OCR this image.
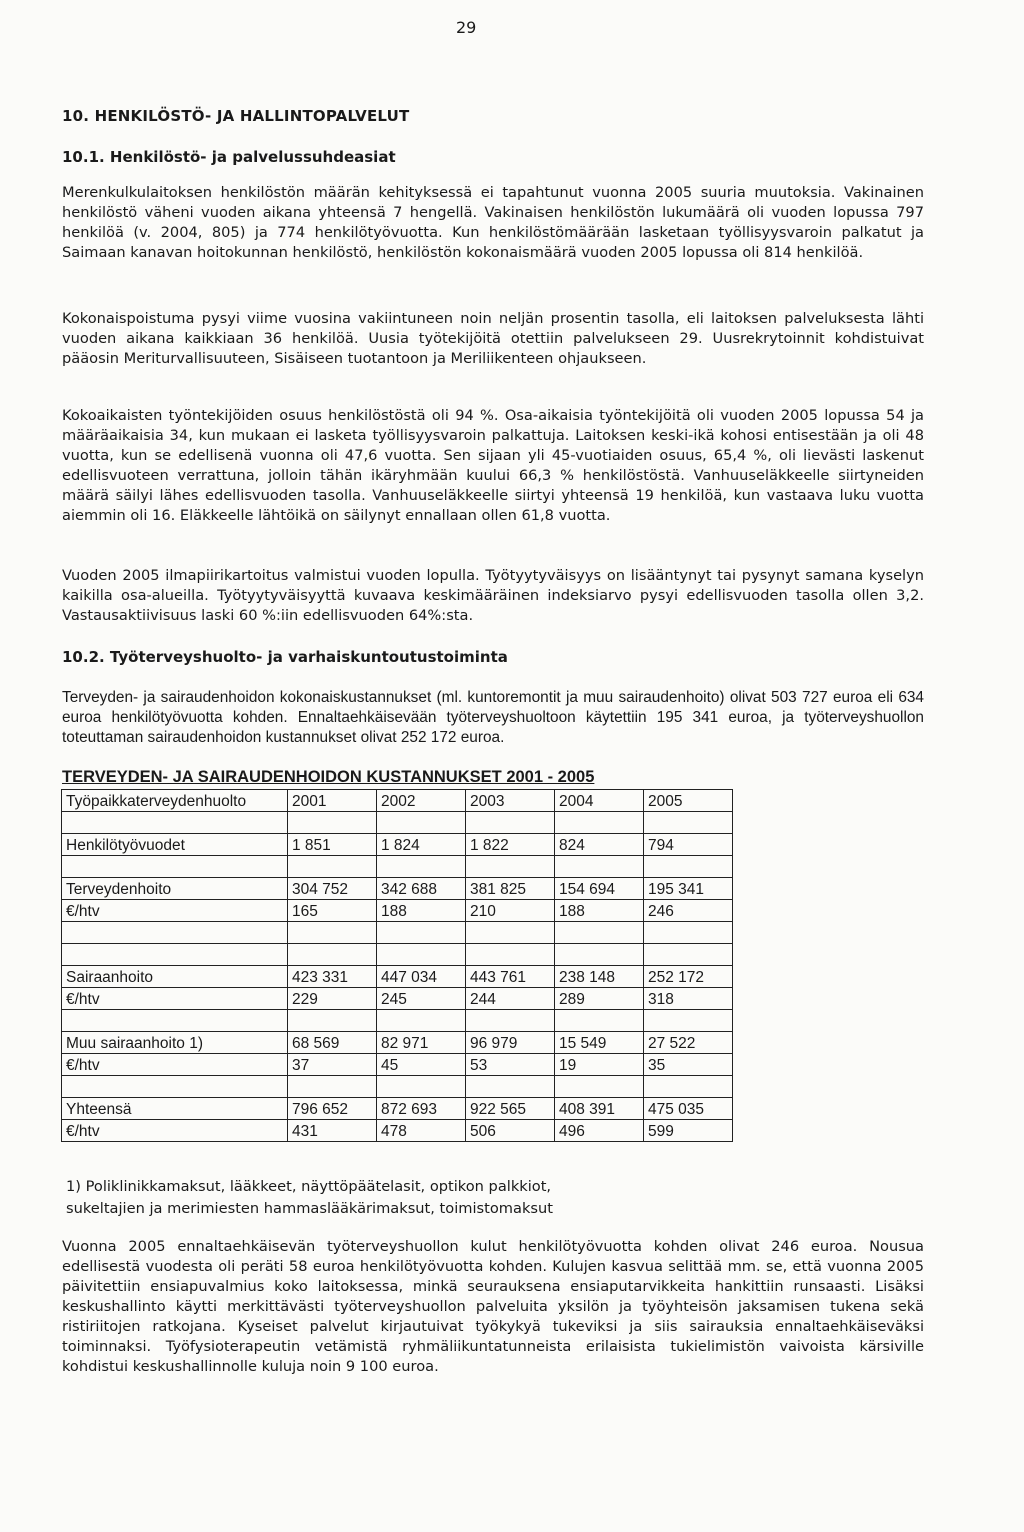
29
10. HENKILÖSTÖ- JA HALLINTOPALVELUT
10.1. Henkilöstö- ja palvelussuhdeasiat

Merenkulkulaitoksen henkilöstön määrän kehityksessä ei tapahtunut vuonna 2005 suuria muutoksia. Vakinainen henkilöstö väheni vuoden aikana yhteensä 7 hengellä. Vakinaisen henkilöstön lukumäärä oli vuoden lopussa 797 henkilöä (v. 2004, 805) ja 774 henkilötyövuotta. Kun henkilöstömäärään lasketaan työllisyysvaroin palkatut ja Saimaan kanavan hoitokunnan henkilöstö, henkilöstön kokonaismäärä vuoden 2005 lopussa oli 814 henkilöä.

Kokonaispoistuma pysyi viime vuosina vakiintuneen noin neljän prosentin tasolla, eli laitoksen palveluksesta lähti vuoden aikana kaikkiaan 36 henkilöä. Uusia työtekijöitä otettiin palvelukseen 29. Uusrekrytoinnit kohdistuivat pääosin Meriturvallisuuteen, Sisäiseen tuotantoon ja Meriliikenteen ohjaukseen.

Kokoaikaisten työntekijöiden osuus henkilöstöstä oli 94 %. Osa-aikaisia työntekijöitä oli vuoden 2005 lopussa 54 ja määräaikaisia 34, kun mukaan ei lasketa työllisyysvaroin palkattuja. Laitoksen keski-ikä kohosi entisestään ja oli 48 vuotta, kun se edellisenä vuonna oli 47,6 vuotta. Sen sijaan yli 45-vuotiaiden osuus, 65,4 %, oli lievästi laskenut edellisvuoteen verrattuna, jolloin tähän ikäryhmään kuului 66,3 % henkilöstöstä. Vanhuuseläkkeelle siirtyneiden määrä säilyi lähes edellisvuoden tasolla. Vanhuuseläkkeelle siirtyi yhteensä 19 henkilöä, kun vastaava luku vuotta aiemmin oli 16. Eläkkeelle lähtöikä on säilynyt ennallaan ollen 61,8 vuotta.

Vuoden 2005 ilmapiirikartoitus valmistui vuoden lopulla. Työtyytyväisyys on lisääntynyt tai pysynyt samana kyselyn kaikilla osa-alueilla. Työtyytyväisyyttä kuvaava keskimääräinen indeksiarvo pysyi edellisvuoden tasolla ollen 3,2. Vastausaktiivisuus laski 60 %:iin edellisvuoden 64%:sta.

10.2. Työterveyshuolto- ja varhaiskuntoutustoiminta

Terveyden- ja sairaudenhoidon kokonaiskustannukset (ml. kuntoremontit ja muu sairaudenhoito) olivat 503 727 euroa eli 634 euroa henkilötyövuotta kohden. Ennaltaehkäisevään työterveyshuoltoon käytettiin 195 341 euroa, ja työterveyshuollon toteuttaman sairaudenhoidon kustannukset olivat 252 172 euroa.

TERVEYDEN- JA SAIRAUDENHOIDON KUSTANNUKSET 2001 - 2005
Työpaikkaterveydenhuolto	2001	2002	2003	2004	2005

Henkilötyövuodet	1 851	1 824	1 822	824	794

Terveydenhoito	304 752	342 688	381 825	154 694	195 341
€/htv	165	188	210	188	246

Sairaanhoito	423 331	447 034	443 761	238 148	252 172
€/htv	229	245	244	289	318

Muu sairaanhoito 1)	68 569	82 971	96 979	15 549	27 522
€/htv	37	45	53	19	35

Yhteensä	796 652	872 693	922 565	408 391	475 035
€/htv	431	478	506	496	599

1) Poliklinikkamaksut, lääkkeet, näyttöpäätelasit, optikon palkkiot,
sukeltajien ja merimiesten hammaslääkärimaksut, toimistomaksut

Vuonna 2005 ennaltaehkäisevän työterveyshuollon kulut henkilötyövuotta kohden olivat 246 euroa. Nousua edellisestä vuodesta oli peräti 58 euroa henkilötyövuotta kohden. Kulujen kasvua selittää mm. se, että vuonna 2005 päivitettiin ensiapuvalmius koko laitoksessa, minkä seurauksena ensiaputarvikkeita hankittiin runsaasti. Lisäksi keskushallinto käytti merkittävästi työterveyshuollon palveluita yksilön ja työyhteisön jaksamisen tukena sekä ristiriitojen ratkojana. Kyseiset palvelut kirjautuivat työkykyä tukeviksi ja siis sairauksia ennaltaehkäiseväksi toiminnaksi. Työfysioterapeutin vetämistä ryhmäliikuntatunneista erilaisista tukielimistön vaivoista kärsiville kohdistui keskushallinnolle kuluja noin 9 100 euroa.
